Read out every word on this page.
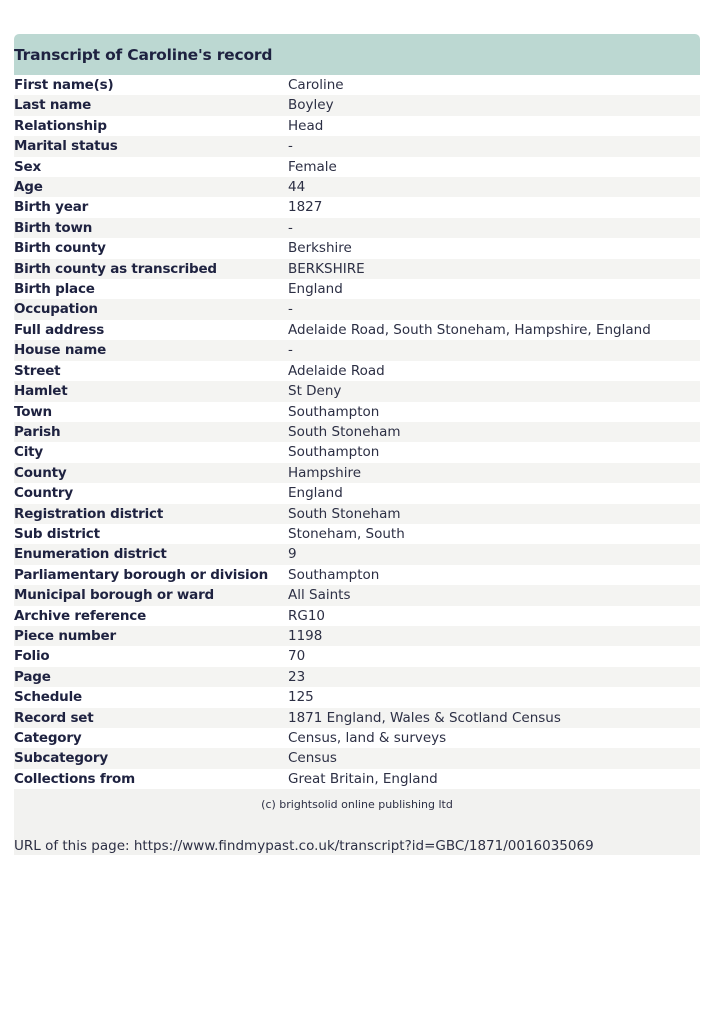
Transcript of Caroline's record
First name(s)	Caroline
Last name	Boyley
Relationship	Head
Marital status	-
Sex	Female
Age	44
Birth year	1827
Birth town	-
Birth county	Berkshire
Birth county as transcribed	BERKSHIRE
Birth place	England
Occupation	-
Full address	Adelaide Road, South Stoneham, Hampshire, England
House name	-
Street	Adelaide Road
Hamlet	St Deny
Town	Southampton
Parish	South Stoneham
City	Southampton
County	Hampshire
Country	England
Registration district	South Stoneham
Sub district	Stoneham, South
Enumeration district	9
Parliamentary borough or division	Southampton
Municipal borough or ward	All Saints
Archive reference	RG10
Piece number	1198
Folio	70
Page	23
Schedule	125
Record set	1871 England, Wales & Scotland Census
Category	Census, land & surveys
Subcategory	Census
Collections from	Great Britain, England
(c) brightsolid online publishing ltd
URL of this page: https://www.findmypast.co.uk/transcript?id=GBC/1871/0016035069
